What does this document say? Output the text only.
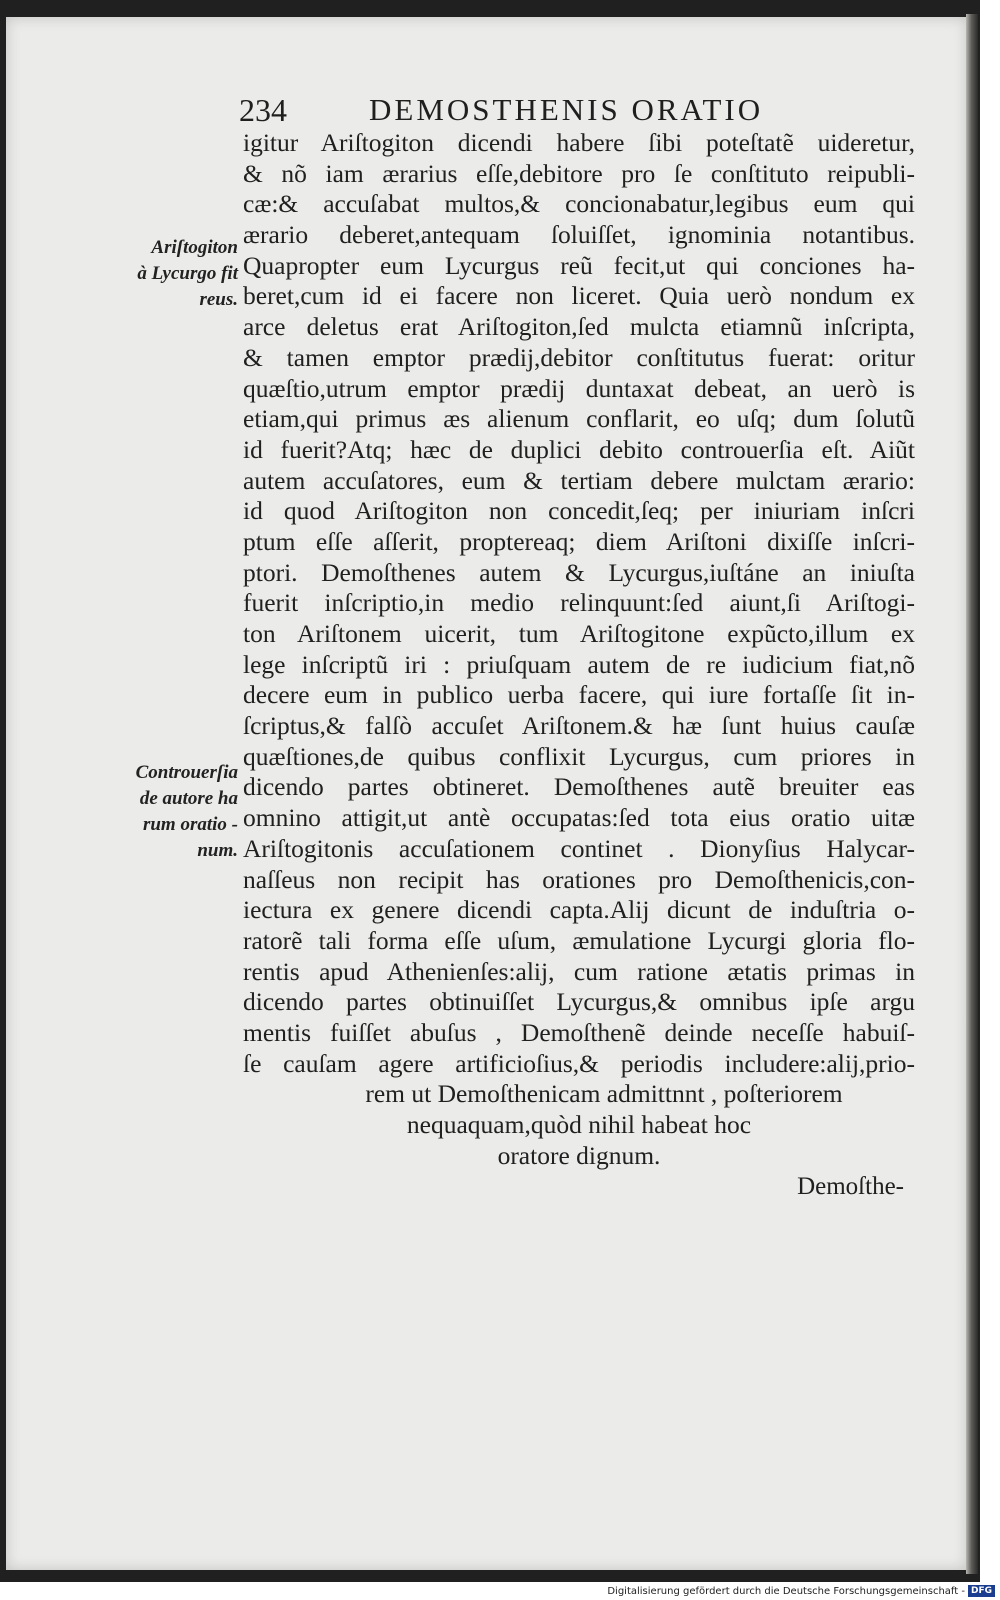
234	DEMOSTHENIS ORATIO
Ariſtogiton
à Lycurgo fit
reus.
Controuerſia
de autore ha
rum oratio -
num.
igitur Ariſtogiton dicendi habere ſibi poteſtatẽ uideretur,
& nõ iam ærarius eſſe,debitore pro ſe conſtituto reipubli-
cæ:& accuſabat multos,& concionabatur,legibus eum qui
ærario deberet,antequam ſoluiſſet, ignominia notantibus.
Quapropter eum Lycurgus reũ fecit,ut qui conciones ha-
beret,cum id ei facere non liceret. Quia uerò nondum ex
arce deletus erat Ariſtogiton,ſed mulcta etiamnũ inſcripta,
& tamen emptor prædij,debitor conſtitutus fuerat: oritur
quæſtio,utrum emptor prædij duntaxat debeat, an uerò is
etiam,qui primus æs alienum conflarit, eo uſq; dum ſolutũ
id fuerit?Atq; hæc de duplici debito controuerſia eſt. Aiũt
autem accuſatores, eum & tertiam debere mulctam ærario:
id quod Ariſtogiton non concedit,ſeq; per iniuriam inſcri
ptum eſſe aſſerit, proptereaq; diem Ariſtoni dixiſſe inſcri-
ptori. Demoſthenes autem & Lycurgus,iuſtáne an iniuſta
fuerit inſcriptio,in medio relinquunt:ſed aiunt,ſi Ariſtogi-
ton Ariſtonem uicerit, tum Ariſtogitone expũcto,illum ex
lege inſcriptũ iri : priuſquam autem de re iudicium fiat,nõ
decere eum in publico uerba facere, qui iure fortaſſe ſit in-
ſcriptus,& falſò accuſet Ariſtonem.& hæ ſunt huius cauſæ
quæſtiones,de quibus conflixit Lycurgus, cum priores in
dicendo partes obtineret. Demoſthenes autẽ breuiter eas
omnino attigit,ut antè occupatas:ſed tota eius oratio uitæ
Ariſtogitonis accuſationem continet . Dionyſius Halycar-
naſſeus non recipit has orationes pro Demoſthenicis,con-
iectura ex genere dicendi capta.Alij dicunt de induſtria o-
ratorẽ tali forma eſſe uſum, æmulatione Lycurgi gloria flo-
rentis apud Athenienſes:alij, cum ratione ætatis primas in
dicendo partes obtinuiſſet Lycurgus,& omnibus ipſe argu
mentis fuiſſet abuſus , Demoſthenẽ deinde neceſſe habuiſ-
ſe cauſam agere artificioſius,& periodis includere:alij,prio-
rem ut Demoſthenicam admittnnt , poſteriorem
nequaquam,quòd nihil habeat hoc
oratore dignum.
Demoſthe-
Digitalisierung gefördert durch die Deutsche Forschungsgemeinschaft - DFG
